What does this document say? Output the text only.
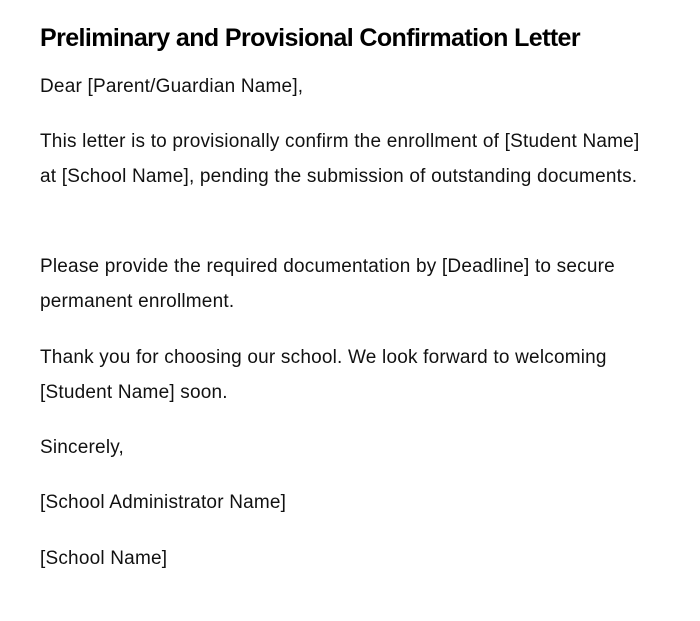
Preliminary and Provisional Confirmation Letter

Dear [Parent/Guardian Name],

This letter is to provisionally confirm the enrollment of [Student Name] at [School Name], pending the submission of outstanding documents.

Please provide the required documentation by [Deadline] to secure permanent enrollment.

Thank you for choosing our school. We look forward to welcoming [Student Name] soon.

Sincerely,

[School Administrator Name]

[School Name]
